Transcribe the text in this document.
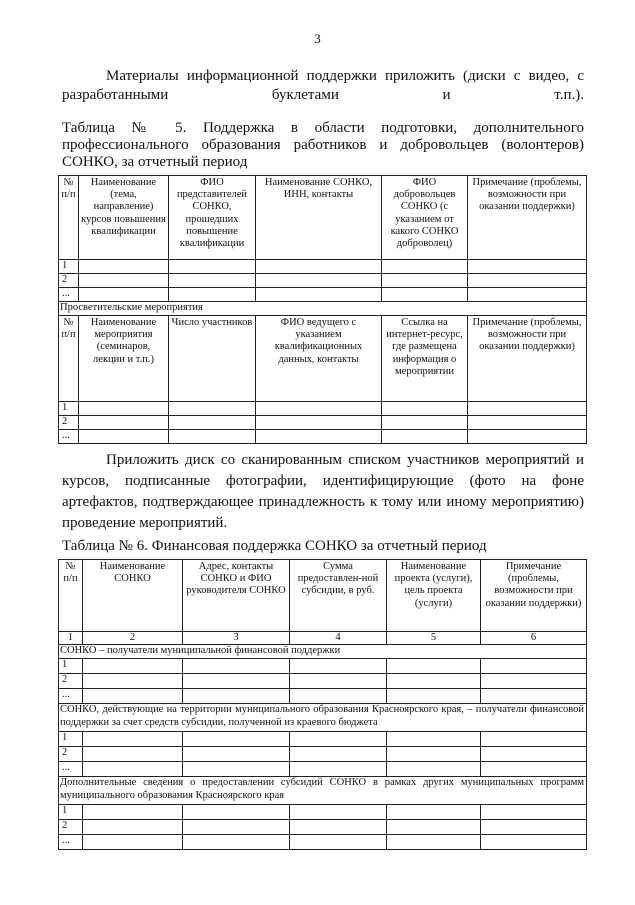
3
Материалы информационной поддержки приложить (диски с видео, с разработанными буклетами и т.п.).
Таблица № 5. Поддержка в области подготовки, дополнительного профессионального образования работников и добровольцев (волонтеров) СОНКО, за отчетный период
№ п/п	Наименование (тема, направление) курсов повышения квалификации	ФИО представителей СОНКО, прошедших повышение квалификации	Наименование СОНКО, ИНН, контакты	ФИО добровольцев СОНКО (с указанием от какого СОНКО доброволец)	Примечание (проблемы, возможности при оказании поддержки)
1					
2					
...					
Просветительские мероприятия					
№ п/п	Наименование мероприятия (семинаров, лекции и т.п.)	Число участников	ФИО ведущего с указанием квалификационных данных, контакты	Ссылка на интернет-ресурс, где размещена информация о мероприятии	Примечание (проблемы, возможности при оказании поддержки)
1					
2					
...					
Приложить диск со сканированным списком участников мероприятий и курсов, подписанные фотографии, идентифицирующие (фото на фоне артефактов, подтверждающее принадлежность к тому или иному мероприятию) проведение мероприятий.
Таблица № 6. Финансовая поддержка СОНКО за отчетный период
№ п/п	Наименование СОНКО	Адрес, контакты СОНКО и ФИО руководителя СОНКО	Сумма предоставлен-ной субсидии, в руб.	Наименование проекта (услуги), цель проекта (услуги)	Примечание (проблемы, возможности при оказании поддержки)
1	2	3	4	5	6
СОНКО – получатели муниципальной финансовой поддержки					
1					
2					
...					
СОНКО, действующие на территории муниципального образования Красноярского края, – получатели финансовой поддержки за счет средств субсидии, полученной из краевого бюджета					
1					
2					
...					
Дополнительные сведения о предоставлении субсидий СОНКО в рамках других муниципальных программ муниципального образования Красноярского края					
1					
2					
...					
